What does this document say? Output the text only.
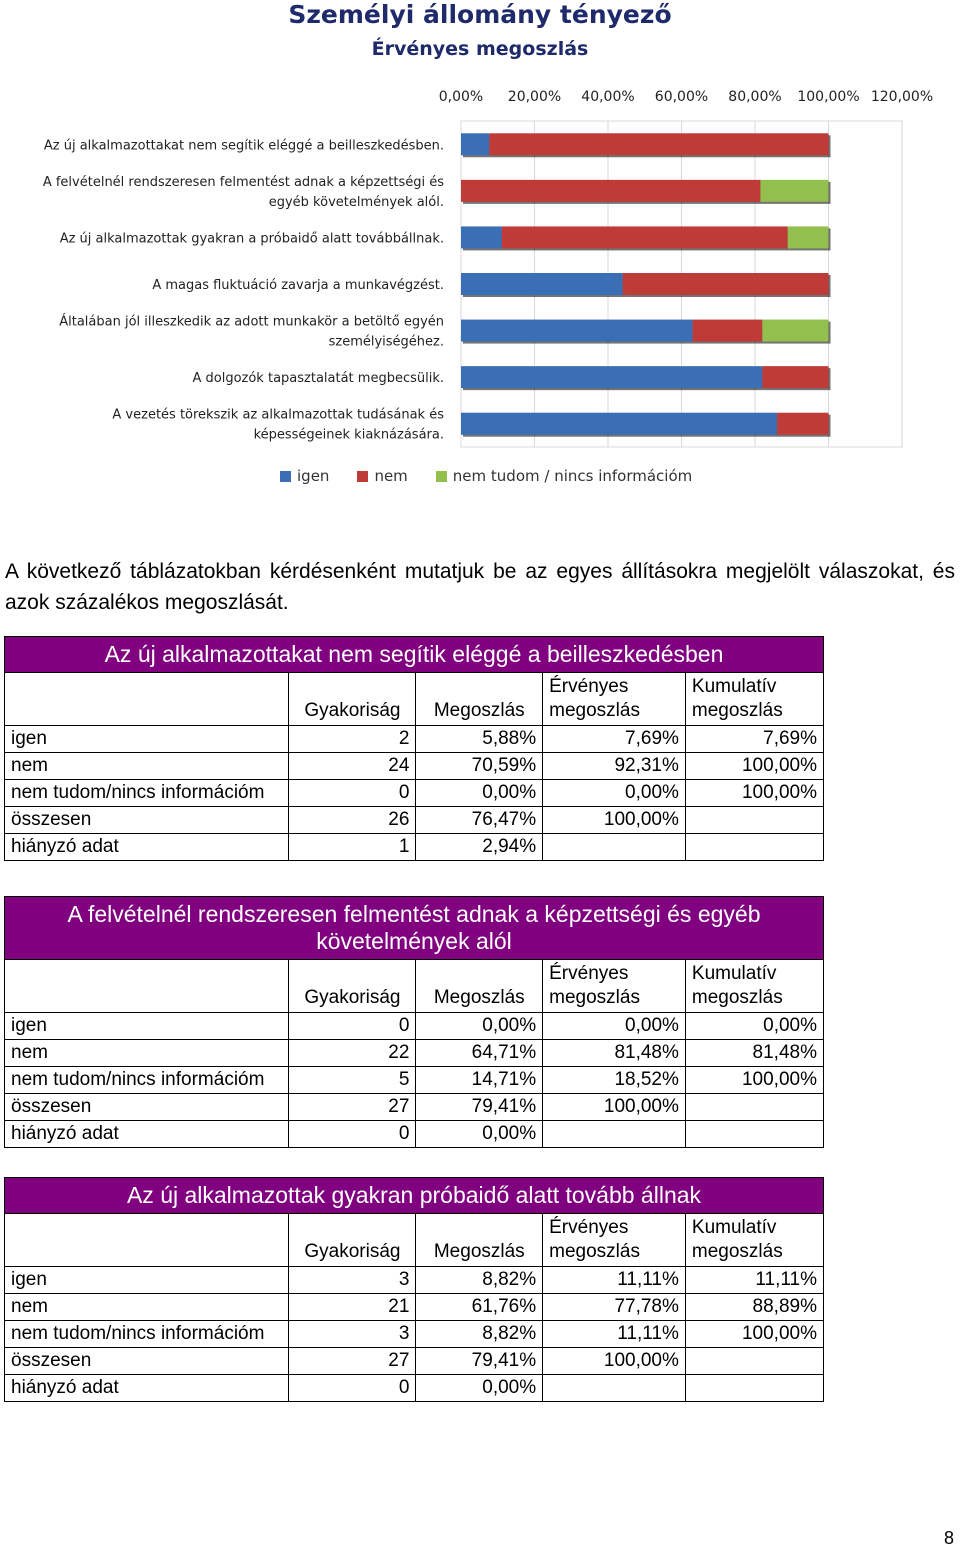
Személyi állomány tényező
Érvényes megoszlás
0,00% 20,00% 40,00% 60,00% 80,00% 100,00% 120,00%
Az új alkalmazottakat nem segítik eléggé a beilleszkedésben.
A felvételnél rendszeresen felmentést adnak a képzettségi és
egyéb követelmények alól.
Az új alkalmazottak gyakran a próbaidő alatt továbbállnak.
A magas fluktuáció zavarja a munkavégzést.
Általában jól illeszkedik az adott munkakör a betöltő egyén
személyiségéhez.
A dolgozók tapasztalatát megbecsülik.
A vezetés törekszik az alkalmazottak tudásának és
képességeinek kiaknázására.
igen	nem	nem tudom / nincs információm
A következő táblázatokban kérdésenként mutatjuk be az egyes állításokra megjelölt válaszokat, és azok százalékos megoszlását.
Az új alkalmazottakat nem segítik eléggé a beilleszkedésben				
	Gyakoriság	Megoszlás	Érvényes
megoszlás	Kumulatív
megoszlás
igen	2	5,88%	7,69%	7,69%
nem	24	70,59%	92,31%	100,00%
nem tudom/nincs információm	0	0,00%	0,00%	100,00%
összesen	26	76,47%	100,00%	
hiányzó adat	1	2,94%		
A felvételnél rendszeresen felmentést adnak a képzettségi és egyéb követelmények alól				
	Gyakoriság	Megoszlás	Érvényes
megoszlás	Kumulatív
megoszlás
igen	0	0,00%	0,00%	0,00%
nem	22	64,71%	81,48%	81,48%
nem tudom/nincs információm	5	14,71%	18,52%	100,00%
összesen	27	79,41%	100,00%	
hiányzó adat	0	0,00%		
Az új alkalmazottak gyakran próbaidő alatt tovább állnak				
	Gyakoriság	Megoszlás	Érvényes
megoszlás	Kumulatív
megoszlás
igen	3	8,82%	11,11%	11,11%
nem	21	61,76%	77,78%	88,89%
nem tudom/nincs információm	3	8,82%	11,11%	100,00%
összesen	27	79,41%	100,00%	
hiányzó adat	0	0,00%		
8
